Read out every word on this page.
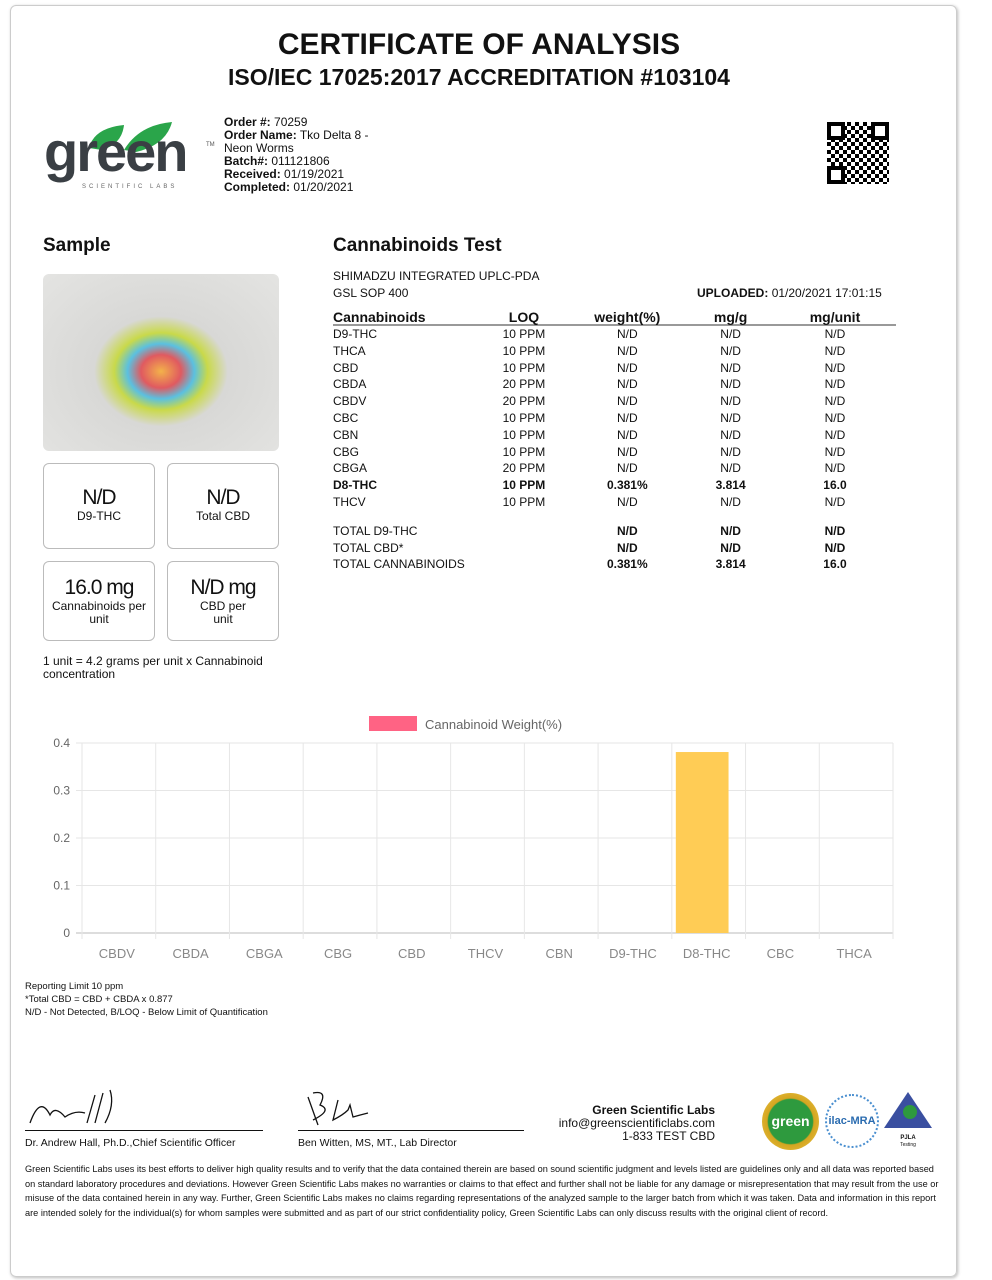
CERTIFICATE OF ANALYSIS
ISO/IEC 17025:2017 ACCREDITATION #103104
green	TM
SCIENTIFIC LABS
Order #: 70259
Order Name: Tko Delta 8 -
Neon Worms
Batch#: 011121806
Received: 01/19/2021
Completed: 01/20/2021
Sample
N/D
D9-THC
N/D
Total CBD
16.0 mg
Cannabinoids per unit
N/D mg
CBD per unit
1 unit = 4.2 grams per unit x Cannabinoid concentration
Cannabinoids Test
SHIMADZU INTEGRATED UPLC-PDA
GSL SOP 400	UPLOADED: 01/20/2021 17:01:15
Cannabinoids	LOQ	weight(%)	mg/g	mg/unit
D9-THC	10 PPM	N/D	N/D	N/D
THCA	10 PPM	N/D	N/D	N/D
CBD	10 PPM	N/D	N/D	N/D
CBDA	20 PPM	N/D	N/D	N/D
CBDV	20 PPM	N/D	N/D	N/D
CBC	10 PPM	N/D	N/D	N/D
CBN	10 PPM	N/D	N/D	N/D
CBG	10 PPM	N/D	N/D	N/D
CBGA	20 PPM	N/D	N/D	N/D
D8-THC	10 PPM	0.381%	3.814	16.0
THCV	10 PPM	N/D	N/D	N/D
TOTAL D9-THC	N/D	N/D	N/D
TOTAL CBD*	N/D	N/D	N/D
TOTAL CANNABINOIDS	0.381%	3.814	16.0
Cannabinoid Weight(%)
0.4
0.3
0.2
0.1
0
CBDV	CBDA	CBGA	CBG	CBD	THCV	CBN	D9-THC D8-THC	CBC	THCA
Reporting Limit 10 ppm
*Total CBD = CBD + CBDA x 0.877
N/D - Not Detected, B/LOQ - Below Limit of Quantification
Dr. Andrew Hall, Ph.D.,Chief Scientific Officer	Ben Witten, MS, MT., Lab Director
Green Scientific Labs
info@greenscientificlabs.com
1-833 TEST CBD
green	ilac-MRA
PJLA
Testing
Green Scientific Labs uses its best efforts to deliver high quality results and to verify that the data contained therein are based on sound scientific judgment and levels listed are guidelines only and all data was reported based on standard laboratory procedures and deviations. However Green Scientific Labs makes no warranties or claims to that effect and further shall not be liable for any damage or misrepresentation that may result from the use or misuse of the data contained herein in any way. Further, Green Scientific Labs makes no claims regarding representations of the analyzed sample to the larger batch from which it was taken. Data and information in this report are intended solely for the individual(s) for whom samples were submitted and as part of our strict confidentiality policy, Green Scientific Labs can only discuss results with the original client of record.
